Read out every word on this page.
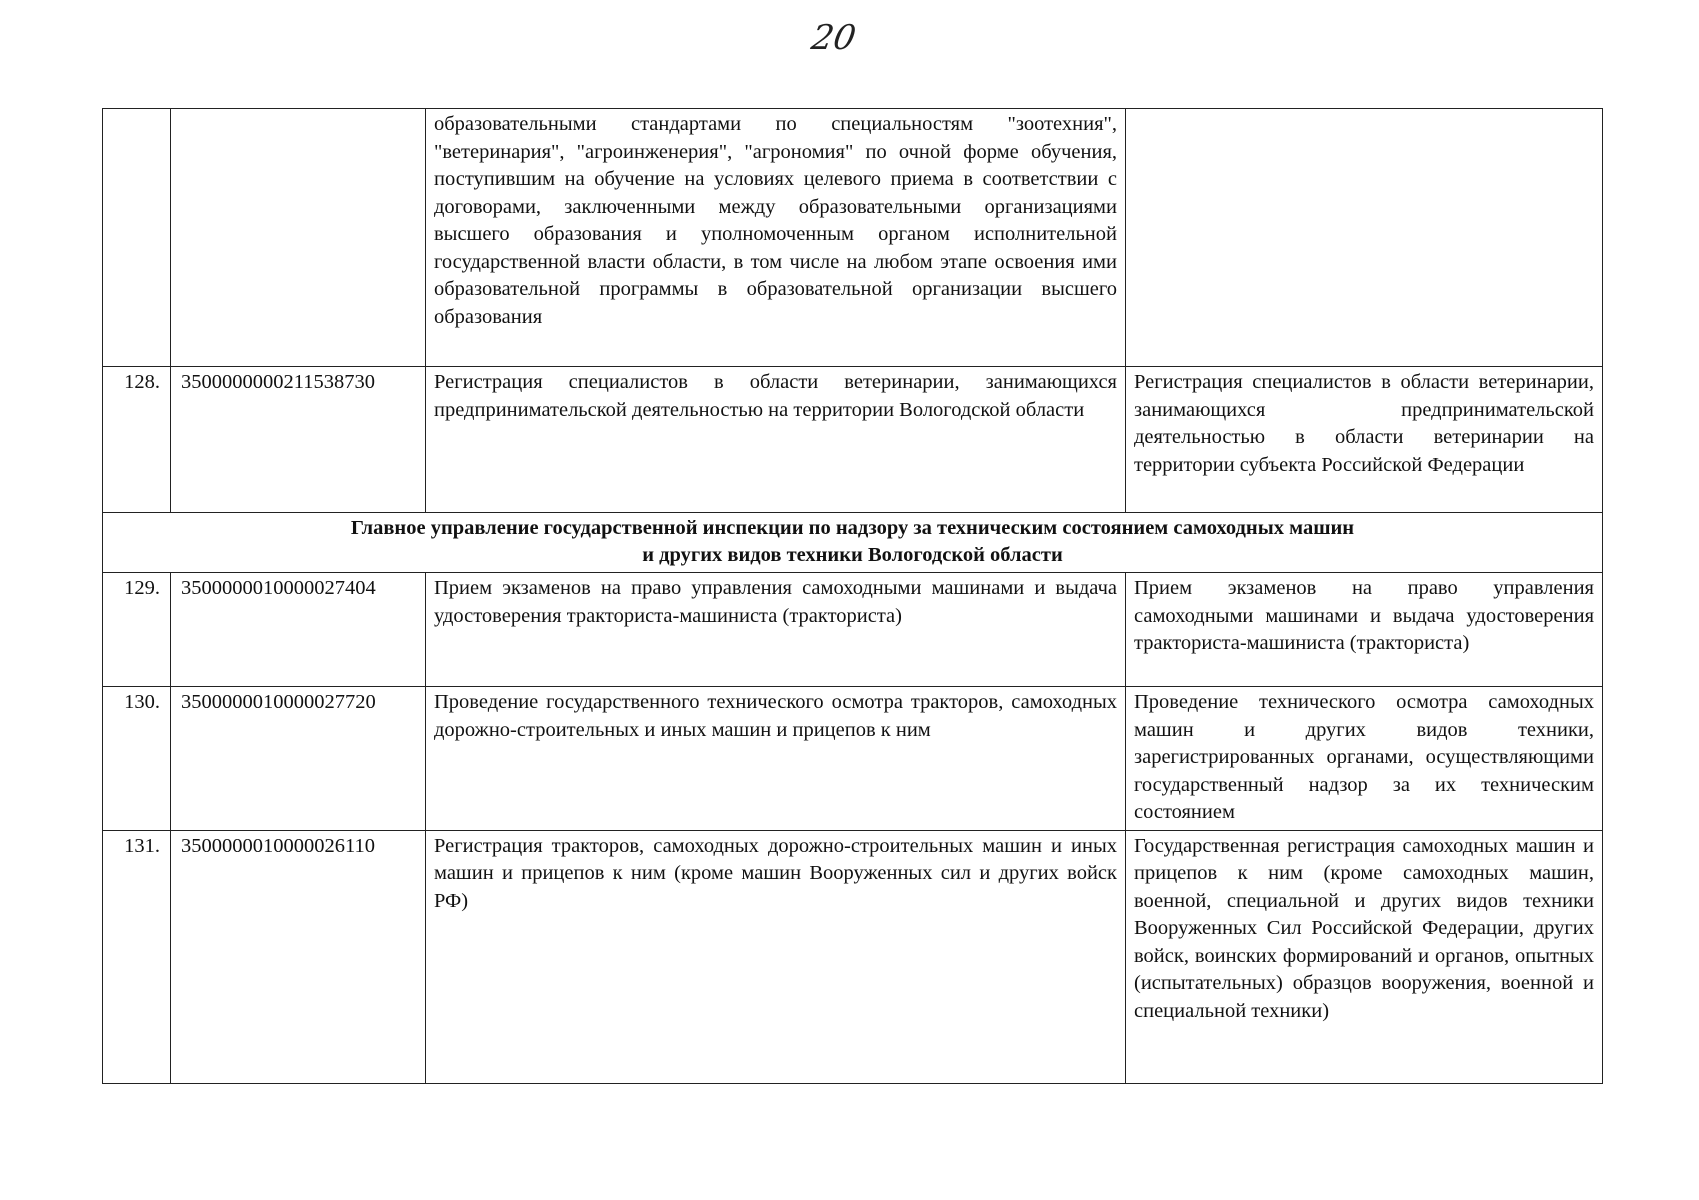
20
		образовательными стандартами по специальностям "зоотехния", "ветеринария", "агроинженерия", "агрономия" по очной форме обучения, поступившим на обучение на условиях целевого приема в соответствии с договорами, заключенными между образовательными организациями высшего образования и уполномоченным органом исполнительной государственной власти области, в том числе на любом этапе освоения ими образовательной программы в образовательной организации высшего образования	
128.	3500000000211538730	Регистрация специалистов в области ветеринарии, занимающихся предпринимательской деятельностью на территории Вологодской области	Регистрация специалистов в области ветеринарии, занимающихся предпринимательской деятельностью в области ветеринарии на территории субъекта Российской Федерации

Главное управление государственной инспекции по надзору за техническим состоянием самоходных машин
и других видов техники Вологодской области			

129.	3500000010000027404	Прием экзаменов на право управления самоходными машинами и выдача удостоверения тракториста-машиниста (тракториста)	Прием экзаменов на право управления самоходными машинами и выдача удостоверения тракториста-машиниста (тракториста)
130.	3500000010000027720	Проведение государственного технического осмотра тракторов, самоходных дорожно-строительных и иных машин и прицепов к ним	Проведение технического осмотра самоходных машин и других видов техники, зарегистрированных органами, осуществляющими государственный надзор за их техническим состоянием
131.	3500000010000026110	Регистрация тракторов, самоходных дорожно-строительных машин и иных машин и прицепов к ним (кроме машин Вооруженных сил и других войск РФ)	Государственная регистрация самоходных машин и прицепов к ним (кроме самоходных машин, военной, специальной и других видов техники Вооруженных Сил Российской Федерации, других войск, воинских формирований и органов, опытных (испытательных) образцов вооружения, военной и специальной техники)
